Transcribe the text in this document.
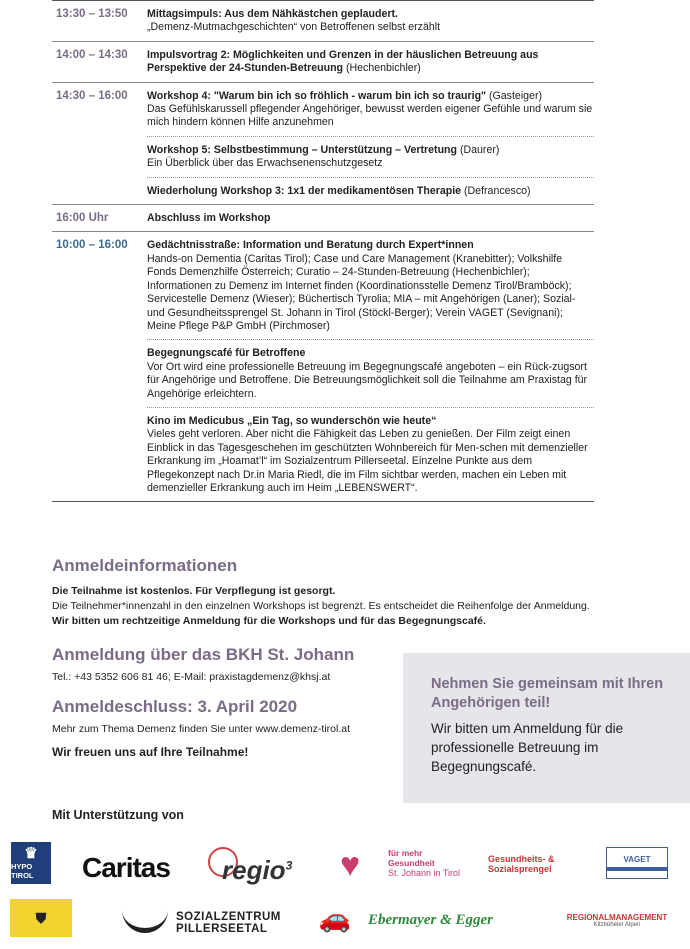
13:30 – 13:50	Mittagsimpuls: Aus dem Nähkästchen geplaudert.
„Demenz-Mutmachgeschichten“ von Betroffenen selbst erzählt
14:00 – 14:30	Impulsvortrag 2: Möglichkeiten und Grenzen in der häuslichen Betreuung aus Perspektive der 24-Stunden-Betreuung (Hechenbichler)
14:30 – 16:00	Workshop 4: "Warum bin ich so fröhlich - warum bin ich so traurig" (Gasteiger)
Das Gefühlskarussell pflegender Angehöriger, bewusst werden eigener Gefühle und warum sie mich hindern können Hilfe anzunehmen
Workshop 5: Selbstbestimmung – Unterstützung – Vertretung (Daurer)
Ein Überblick über das Erwachsenenschutzgesetz
Wiederholung Workshop 3: 1x1 der medikamentösen Therapie (Defrancesco)
16:00 Uhr	Abschluss im Workshop
10:00 – 16:00	Gedächtnisstraße: Information und Beratung durch Expert*innen
Hands-on Dementia (Caritas Tirol); Case und Care Management (Kranebitter); Volkshilfe Fonds Demenzhilfe Österreich; Curatio – 24-Stunden-Betreuung (Hechenbichler); Informationen zu Demenz im Internet finden (Koordinationsstelle Demenz Tirol/Bramböck); Servicestelle Demenz (Wieser); Büchertisch Tyrolia; MIA – mit Angehörigen (Laner); Sozial- und Gesundheitssprengel St. Johann in Tirol (Stöckl-Berger); Verein VAGET (Sevignani); Meine Pflege P&P GmbH (Pirchmoser)
Begegnungscafé für Betroffene
Vor Ort wird eine professionelle Betreuung im Begegnungscafé angeboten – ein Rück-zugsort für Angehörige und Betroffene. Die Betreuungsmöglichkeit soll die Teilnahme am Praxistag für Angehörige erleichtern.
Kino im Medicubus „Ein Tag, so wunderschön wie heute“
Vieles geht verloren. Aber nicht die Fähigkeit das Leben zu genießen. Der Film zeigt einen Einblick in das Tagesgeschehen im geschützten Wohnbereich für Men-schen mit demenzieller Erkrankung im „Hoamat’l“ im Sozialzentrum Pillerseetal. Einzelne Punkte aus dem Pflegekonzept nach Dr.in Maria Riedl, die im Film sichtbar werden, machen ein Leben mit demenzieller Erkrankung auch im Heim „LEBENSWERT“.
Anmeldeinformationen
Die Teilnahme ist kostenlos. Für Verpflegung ist gesorgt.
Die Teilnehmer*innenzahl in den einzelnen Workshops ist begrenzt. Es entscheidet die Reihenfolge der Anmeldung.
Wir bitten um rechtzeitige Anmeldung für die Workshops und für das Begegnungscafé.
Anmeldung über das BKH St. Johann
Tel.: +43 5352 606 81 46; E-Mail: praxistagdemenz@khsj.at
Anmeldeschluss: 3. April 2020
Mehr zum Thema Demenz finden Sie unter www.demenz-tirol.at
Wir freuen uns auf Ihre Teilnahme!
Nehmen Sie gemeinsam mit Ihren Angehörigen teil!
Wir bitten um Anmeldung für die professionelle Betreuung im Begegnungscafé.
Mit Unterstützung von
♛
HYPO TIROL	Caritas regio$^3$ ♥	für mehr
Gesundheit
St. Johann in Tirol
Gesundheits- &
Sozialsprengel
VAGET
⛊	SOZIALZENTRUM
PILLERSEETAL	🚗	Ebermayer & Egger	REGIONALMANAGEMENT
Kitzbüheler Alpen
